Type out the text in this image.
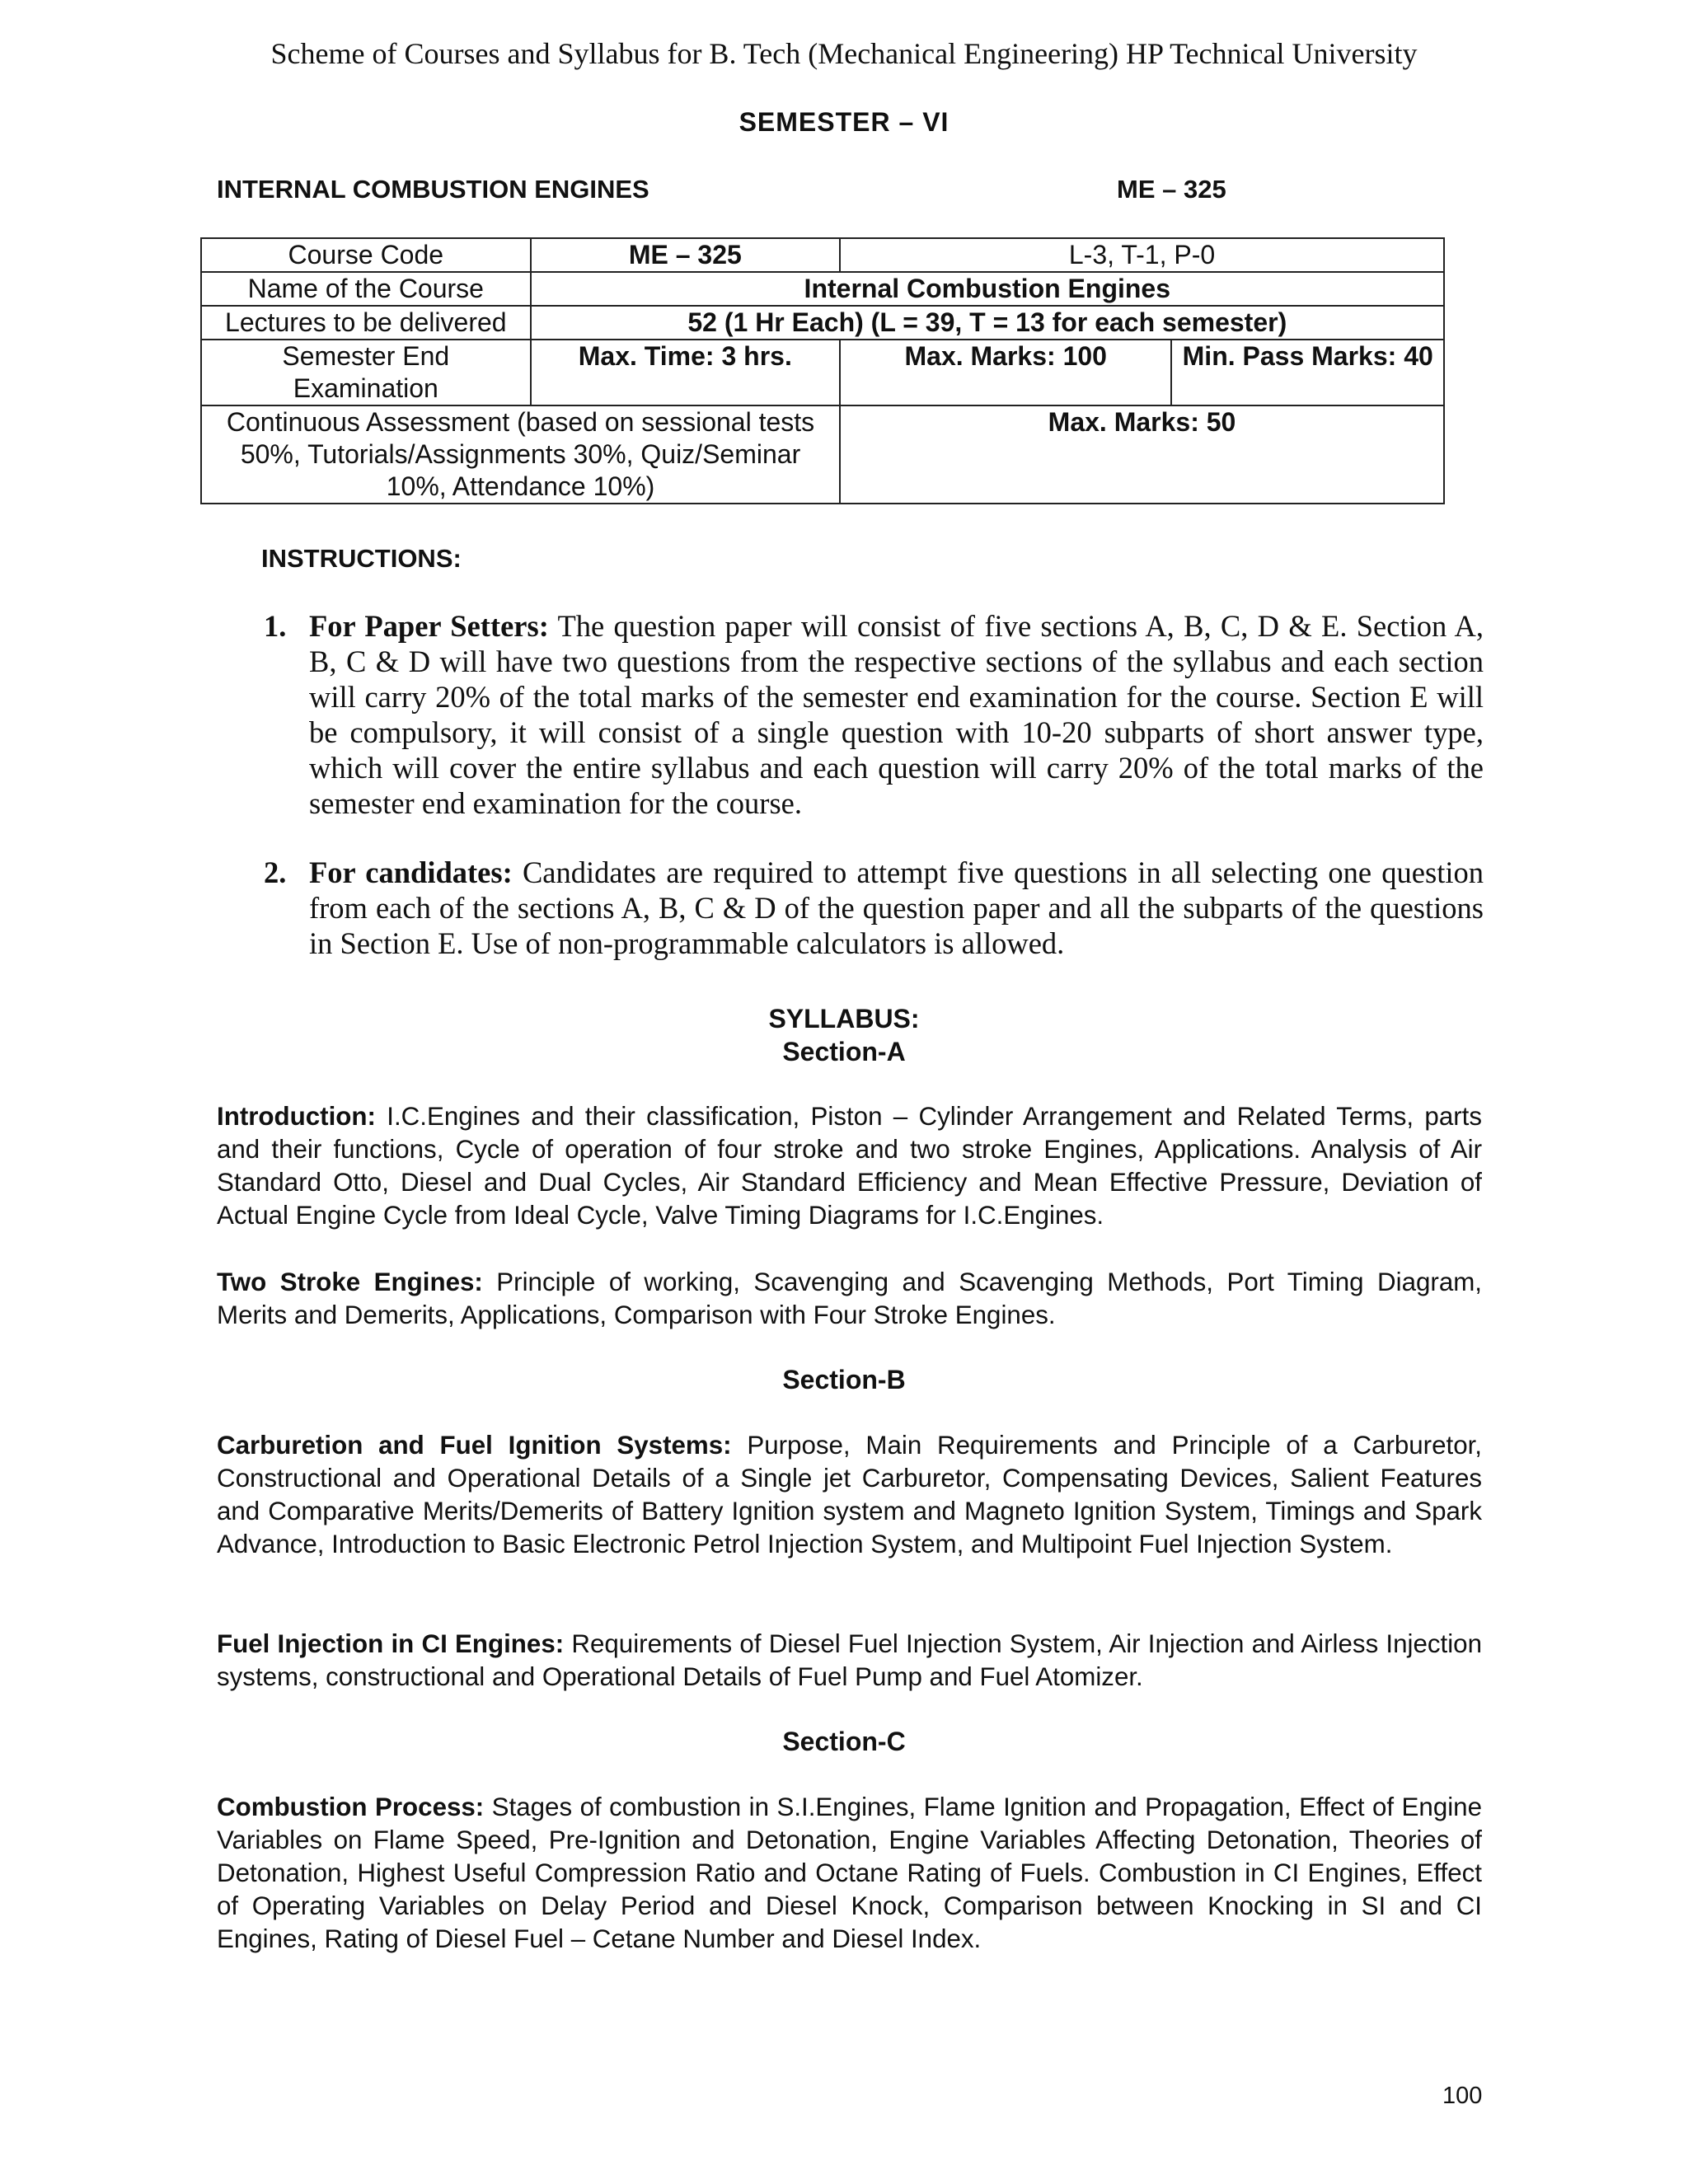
Scheme of Courses and Syllabus for B. Tech (Mechanical Engineering) HP Technical University
SEMESTER – VI
INTERNAL COMBUSTION ENGINES	ME – 325
Course Code	ME – 325	L-3, T-1, P-0	
Name of the Course	Internal Combustion Engines		
Lectures to be delivered	52 (1 Hr Each) (L = 39, T = 13 for each semester)		
Semester End Examination	Max. Time: 3 hrs.	Max. Marks: 100	Min. Pass Marks: 40
Continuous Assessment (based on sessional tests 50%, Tutorials/Assignments 30%, Quiz/Seminar 10%, Attendance 10%)		Max. Marks: 50	
INSTRUCTIONS:
1. For Paper Setters: The question paper will consist of five sections A, B, C, D & E. Section A, B, C & D will have two questions from the respective sections of the syllabus and each section will carry 20% of the total marks of the semester end examination for the course. Section E will be compulsory, it will consist of a single question with 10-20 subparts of short answer type, which will cover the entire syllabus and each question will carry 20% of the total marks of the semester end examination for the course.
2. For candidates: Candidates are required to attempt five questions in all selecting one question from each of the sections A, B, C & D of the question paper and all the subparts of the questions in Section E. Use of non-programmable calculators is allowed.
SYLLABUS:
Section-A
Introduction: I.C.Engines and their classification, Piston – Cylinder Arrangement and Related Terms, parts and their functions, Cycle of operation of four stroke and two stroke Engines, Applications. Analysis of Air Standard Otto, Diesel and Dual Cycles, Air Standard Efficiency and Mean Effective Pressure, Deviation of Actual Engine Cycle from Ideal Cycle, Valve Timing Diagrams for I.C.Engines.
Two Stroke Engines: Principle of working, Scavenging and Scavenging Methods, Port Timing Diagram, Merits and Demerits, Applications, Comparison with Four Stroke Engines.
Section-B
Carburetion and Fuel Ignition Systems: Purpose, Main Requirements and Principle of a Carburetor, Constructional and Operational Details of a Single jet Carburetor, Compensating Devices, Salient Features and Comparative Merits/Demerits of Battery Ignition system and Magneto Ignition System, Timings and Spark Advance, Introduction to Basic Electronic Petrol Injection System, and Multipoint Fuel Injection System.
Fuel Injection in CI Engines: Requirements of Diesel Fuel Injection System, Air Injection and Airless Injection systems, constructional and Operational Details of Fuel Pump and Fuel Atomizer.
Section-C
Combustion Process: Stages of combustion in S.I.Engines, Flame Ignition and Propagation, Effect of Engine Variables on Flame Speed, Pre-Ignition and Detonation, Engine Variables Affecting Detonation, Theories of Detonation, Highest Useful Compression Ratio and Octane Rating of Fuels. Combustion in CI Engines, Effect of Operating Variables on Delay Period and Diesel Knock, Comparison between Knocking in SI and CI Engines, Rating of Diesel Fuel – Cetane Number and Diesel Index.
100
